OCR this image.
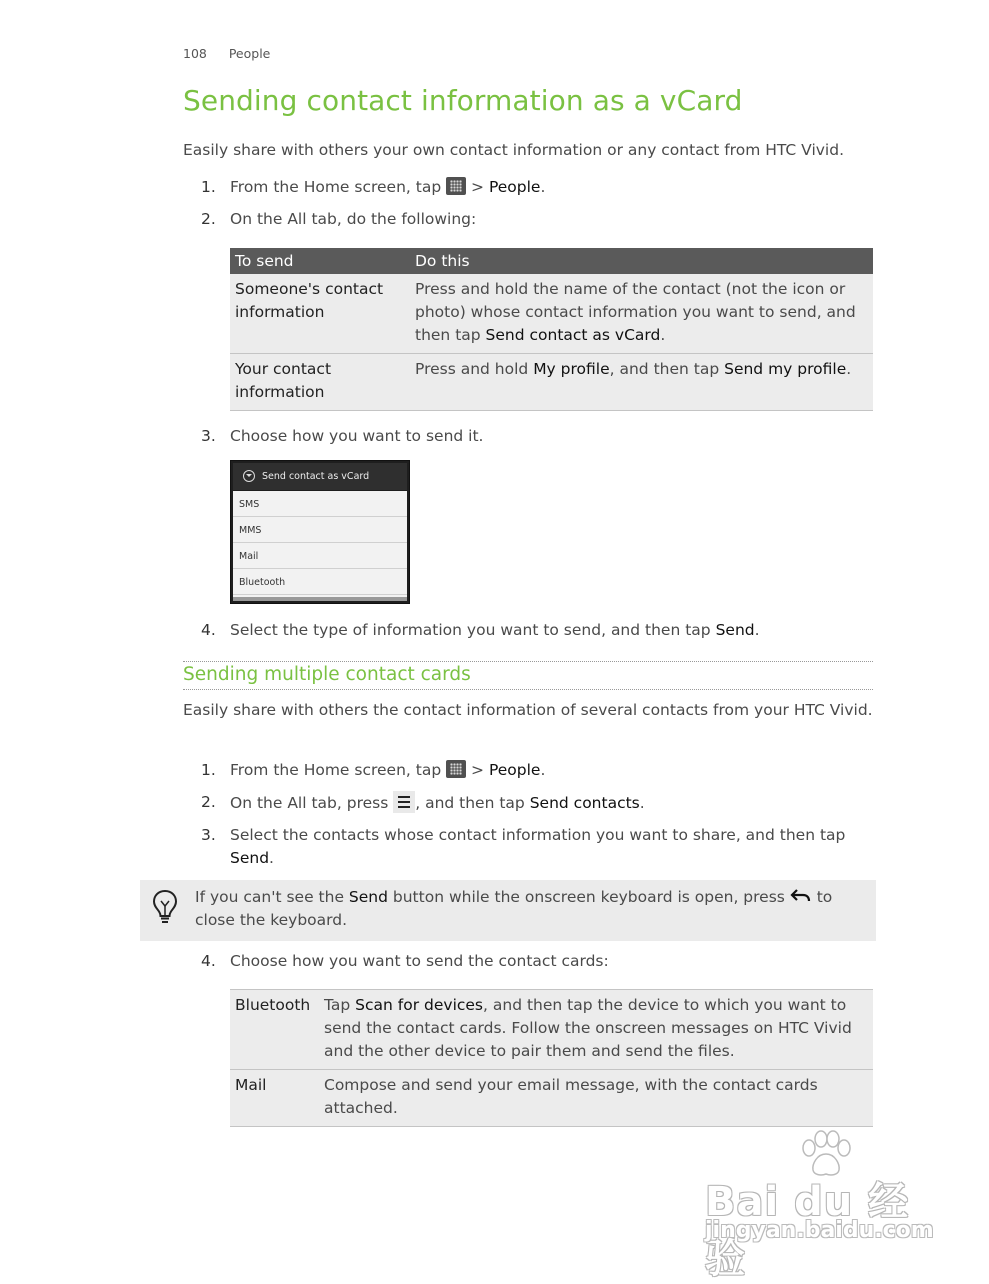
108 People
Sending contact information as a vCard
Easily share with others your own contact information or any contact from HTC Vivid.
1. From the Home screen, tap  > People.
2. On the All tab, do the following:
To send	Do this
Someone's contact information	Press and hold the name of the contact (not the icon or photo) whose contact information you want to send, and then tap Send contact as vCard.
Your contact information	Press and hold My profile, and then tap Send my profile.
3. Choose how you want to send it.
Send contact as vCard
SMS
MMS
Mail
Bluetooth
4. Select the type of information you want to send, and then tap Send.
Sending multiple contact cards
Easily share with others the contact information of several contacts from your HTC Vivid.
1. From the Home screen, tap  > People.
2. On the All tab, press , and then tap Send contacts.
3. Select the contacts whose contact information you want to share, and then tap Send.
If you can't see the Send button while the onscreen keyboard is open, press  to close the keyboard.
4. Choose how you want to send the contact cards:
Bluetooth	Tap Scan for devices, and then tap the device to which you want to send the contact cards. Follow the onscreen messages on HTC Vivid and the other device to pair them and send the files.
Mail	Compose and send your email message, with the contact cards attached.
Bai du 经验
jingyan.baidu.com
